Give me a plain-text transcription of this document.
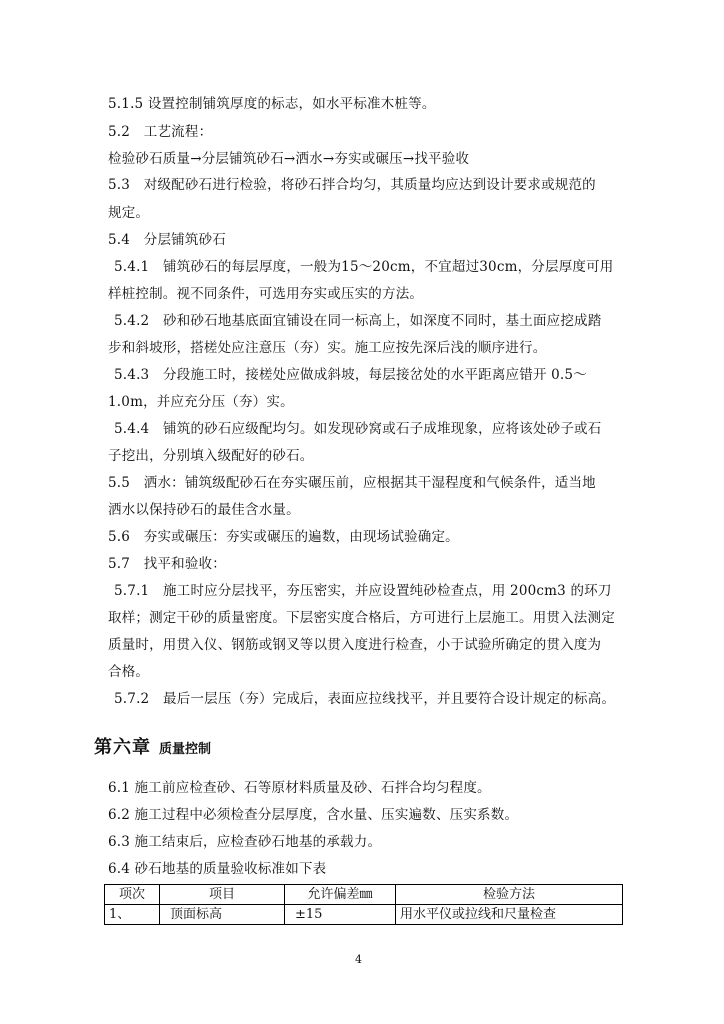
5.1.5 设置控制铺筑厚度的标志，如水平标准木桩等。
5.2　工艺流程：
检验砂石质量→分层铺筑砂石→洒水→夯实或碾压→找平验收
5.3　对级配砂石进行检验，将砂石拌合均匀，其质量均应达到设计要求或规范的
规定。
5.4　分层铺筑砂石
5.4.1　铺筑砂石的每层厚度，一般为15～20cm，不宜超过30cm，分层厚度可用
样桩控制。视不同条件，可选用夯实或压实的方法。
5.4.2　砂和砂石地基底面宜铺设在同一标高上，如深度不同时，基土面应挖成踏
步和斜坡形，搭槎处应注意压（夯）实。施工应按先深后浅的顺序进行。
5.4.3　分段施工时，接槎处应做成斜坡，每层接岔处的水平距离应错开 0.5～
1.0m，并应充分压（夯）实。
5.4.4　铺筑的砂石应级配均匀。如发现砂窝或石子成堆现象，应将该处砂子或石
子挖出，分别填入级配好的砂石。
5.5　洒水：铺筑级配砂石在夯实碾压前，应根据其干湿程度和气候条件，适当地
洒水以保持砂石的最佳含水量。
5.6　夯实或碾压：夯实或碾压的遍数，由现场试验确定。
5.7　找平和验收：
5.7.1　施工时应分层找平，夯压密实，并应设置纯砂检查点，用 200cm3 的环刀
取样；测定干砂的质量密度。下层密实度合格后，方可进行上层施工。用贯入法测定
质量时，用贯入仪、钢筋或钢叉等以贯入度进行检查，小于试验所确定的贯入度为
合格。
5.7.2　最后一层压（夯）完成后，表面应拉线找平，并且要符合设计规定的标高。
第六章 质量控制
6.1 施工前应检查砂、石等原材料质量及砂、石拌合均匀程度。
6.2 施工过程中必须检查分层厚度，含水量、压实遍数、压实系数。
6.3 施工结束后，应检查砂石地基的承载力。
6.4 砂石地基的质量验收标准如下表
项次	项目	允许偏差㎜	检验方法
1、	顶面标高	±15	用水平仪或拉线和尺量检查
4
